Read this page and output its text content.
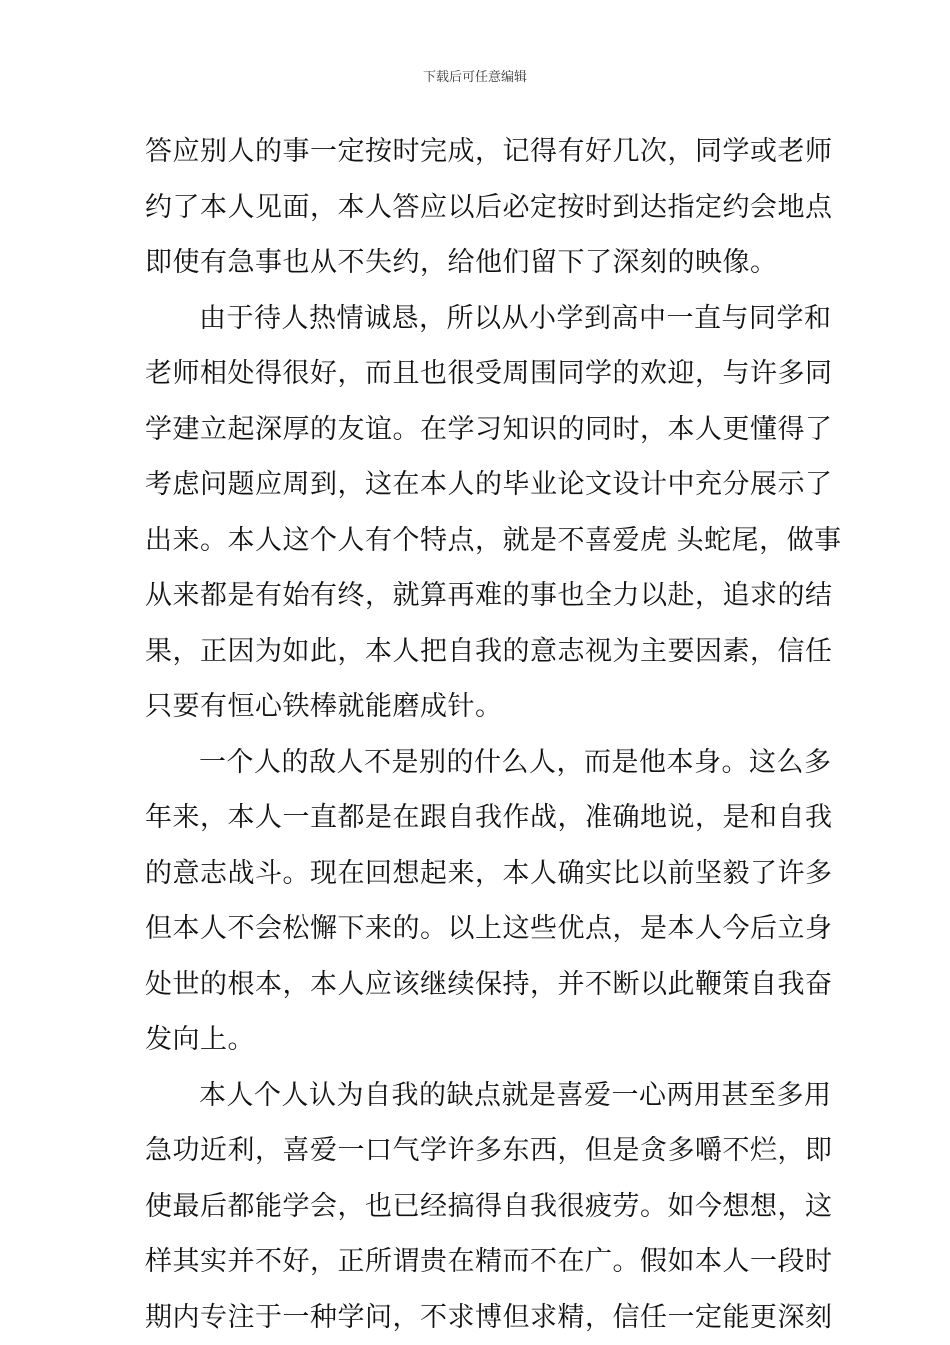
下载后可任意编辑
答应别人的事一定按时完成，记得有好几次，同学或老师
约了本人见面，本人答应以后必定按时到达指定约会地点
即使有急事也从不失约，给他们留下了深刻的映像。
由于待人热情诚恳，所以从小学到高中一直与同学和
老师相处得很好，而且也很受周围同学的欢迎，与许多同
学建立起深厚的友谊。在学习知识的同时，本人更懂得了
考虑问题应周到，这在本人的毕业论文设计中充分展示了
出来。本人这个人有个特点，就是不喜爱虎 头蛇尾，做事
从来都是有始有终，就算再难的事也全力以赴，追求的结
果，正因为如此，本人把自我的意志视为主要因素，信任
只要有恒心铁棒就能磨成针。
一个人的敌人不是别的什么人，而是他本身。这么多
年来，本人一直都是在跟自我作战，准确地说，是和自我
的意志战斗。现在回想起来，本人确实比以前坚毅了许多
但本人不会松懈下来的。以上这些优点，是本人今后立身
处世的根本，本人应该继续保持，并不断以此鞭策自我奋
发向上。
本人个人认为自我的缺点就是喜爱一心两用甚至多用
急功近利，喜爱一口气学许多东西，但是贪多嚼不烂，即
使最后都能学会，也已经搞得自我很疲劳。如今想想，这
样其实并不好，正所谓贵在精而不在广。假如本人一段时
期内专注于一种学问，不求博但求精，信任一定能更深刻
